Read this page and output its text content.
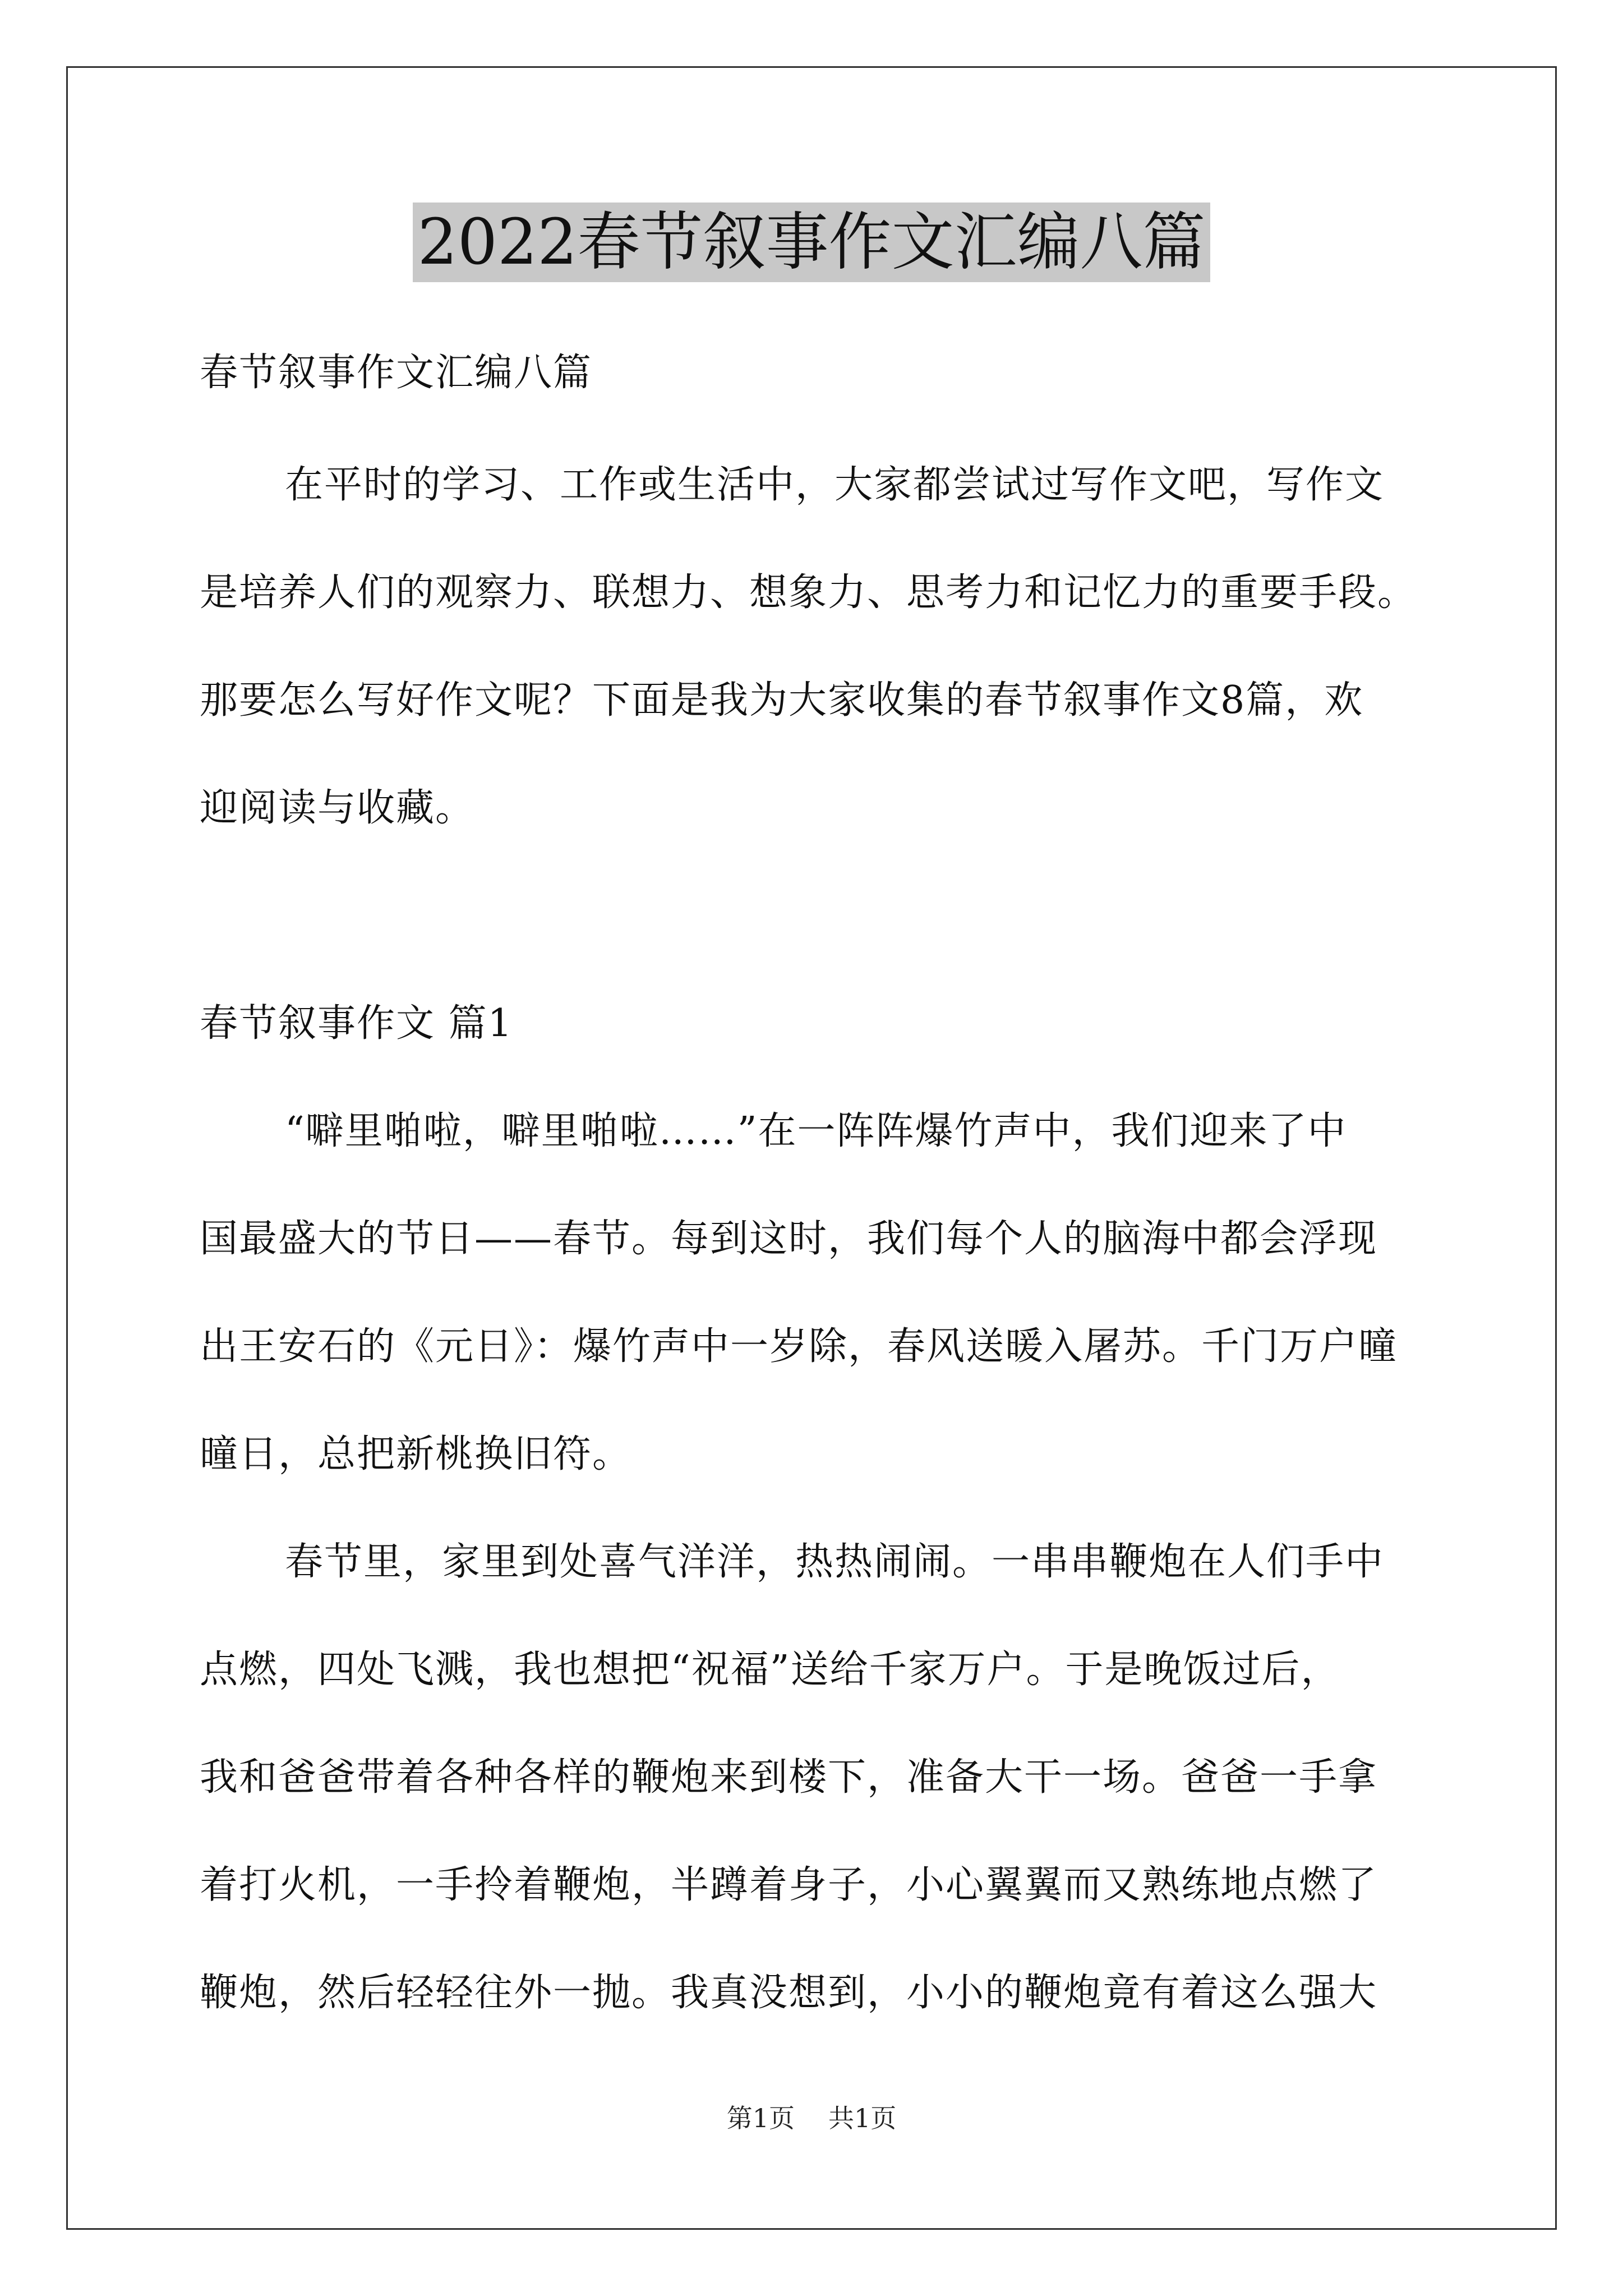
2022春节叙事作文汇编八篇
春节叙事作文汇编八篇
在平时的学习、工作或生活中，大家都尝试过写作文吧，写作文
是培养人们的观察力、联想力、想象力、思考力和记忆力的重要手段。
那要怎么写好作文呢？下面是我为大家收集的春节叙事作文8篇，欢
迎阅读与收藏。
春节叙事作文 篇1
“噼里啪啦，噼里啪啦……”在一阵阵爆竹声中，我们迎来了中
国最盛大的节日——春节。每到这时，我们每个人的脑海中都会浮现
出王安石的《元日》：爆竹声中一岁除，春风送暖入屠苏。千门万户曈
曈日，总把新桃换旧符。
春节里，家里到处喜气洋洋，热热闹闹。一串串鞭炮在人们手中
点燃，四处飞溅，我也想把“祝福”送给千家万户。于是晚饭过后，
我和爸爸带着各种各样的鞭炮来到楼下，准备大干一场。爸爸一手拿
着打火机，一手拎着鞭炮，半蹲着身子，小心翼翼而又熟练地点燃了
鞭炮，然后轻轻往外一抛。我真没想到，小小的鞭炮竟有着这么强大
第1页 共1页
